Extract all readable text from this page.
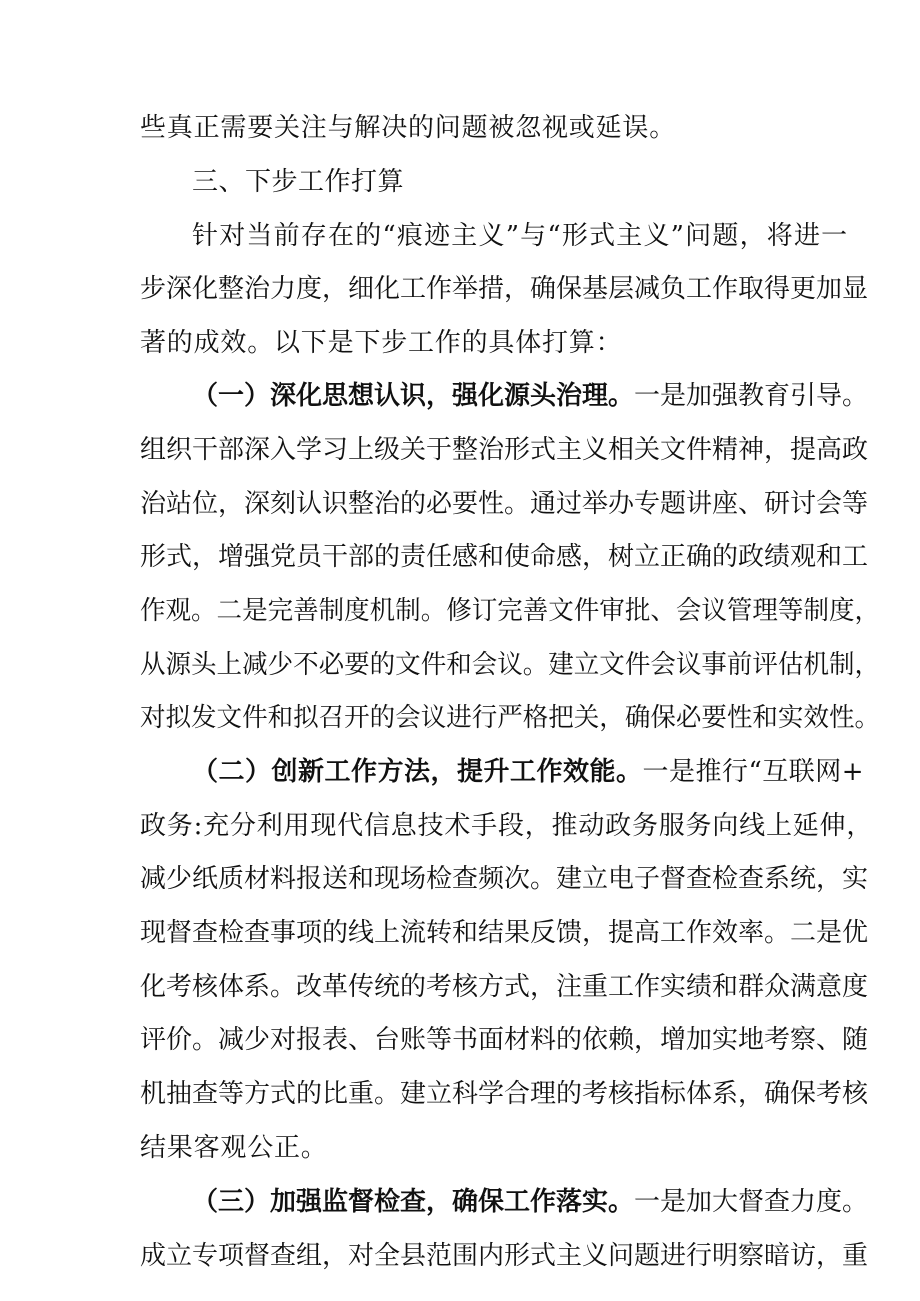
些真正需要关注与解决的问题被忽视或延误。
三、下步工作打算
针对当前存在的“痕迹主义”与“形式主义”问题，将进一
步深化整治力度，细化工作举措，确保基层减负工作取得更加显
著的成效。以下是下步工作的具体打算：
（一）深化思想认识，强化源头治理。一是加强教育引导。
组织干部深入学习上级关于整治形式主义相关文件精神，提高政
治站位，深刻认识整治的必要性。通过举办专题讲座、研讨会等
形式，增强党员干部的责任感和使命感，树立正确的政绩观和工
作观。二是完善制度机制。修订完善文件审批、会议管理等制度，
从源头上减少不必要的文件和会议。建立文件会议事前评估机制，
对拟发文件和拟召开的会议进行严格把关，确保必要性和实效性。
（二）创新工作方法，提升工作效能。一是推行“互联网+
政务:充分利用现代信息技术手段，推动政务服务向线上延伸，
减少纸质材料报送和现场检查频次。建立电子督查检查系统，实
现督查检查事项的线上流转和结果反馈，提高工作效率。二是优
化考核体系。改革传统的考核方式，注重工作实绩和群众满意度
评价。减少对报表、台账等书面材料的依赖，增加实地考察、随
机抽查等方式的比重。建立科学合理的考核指标体系，确保考核
结果客观公正。
（三）加强监督检查，确保工作落实。一是加大督查力度。
成立专项督查组，对全县范围内形式主义问题进行明察暗访，重
